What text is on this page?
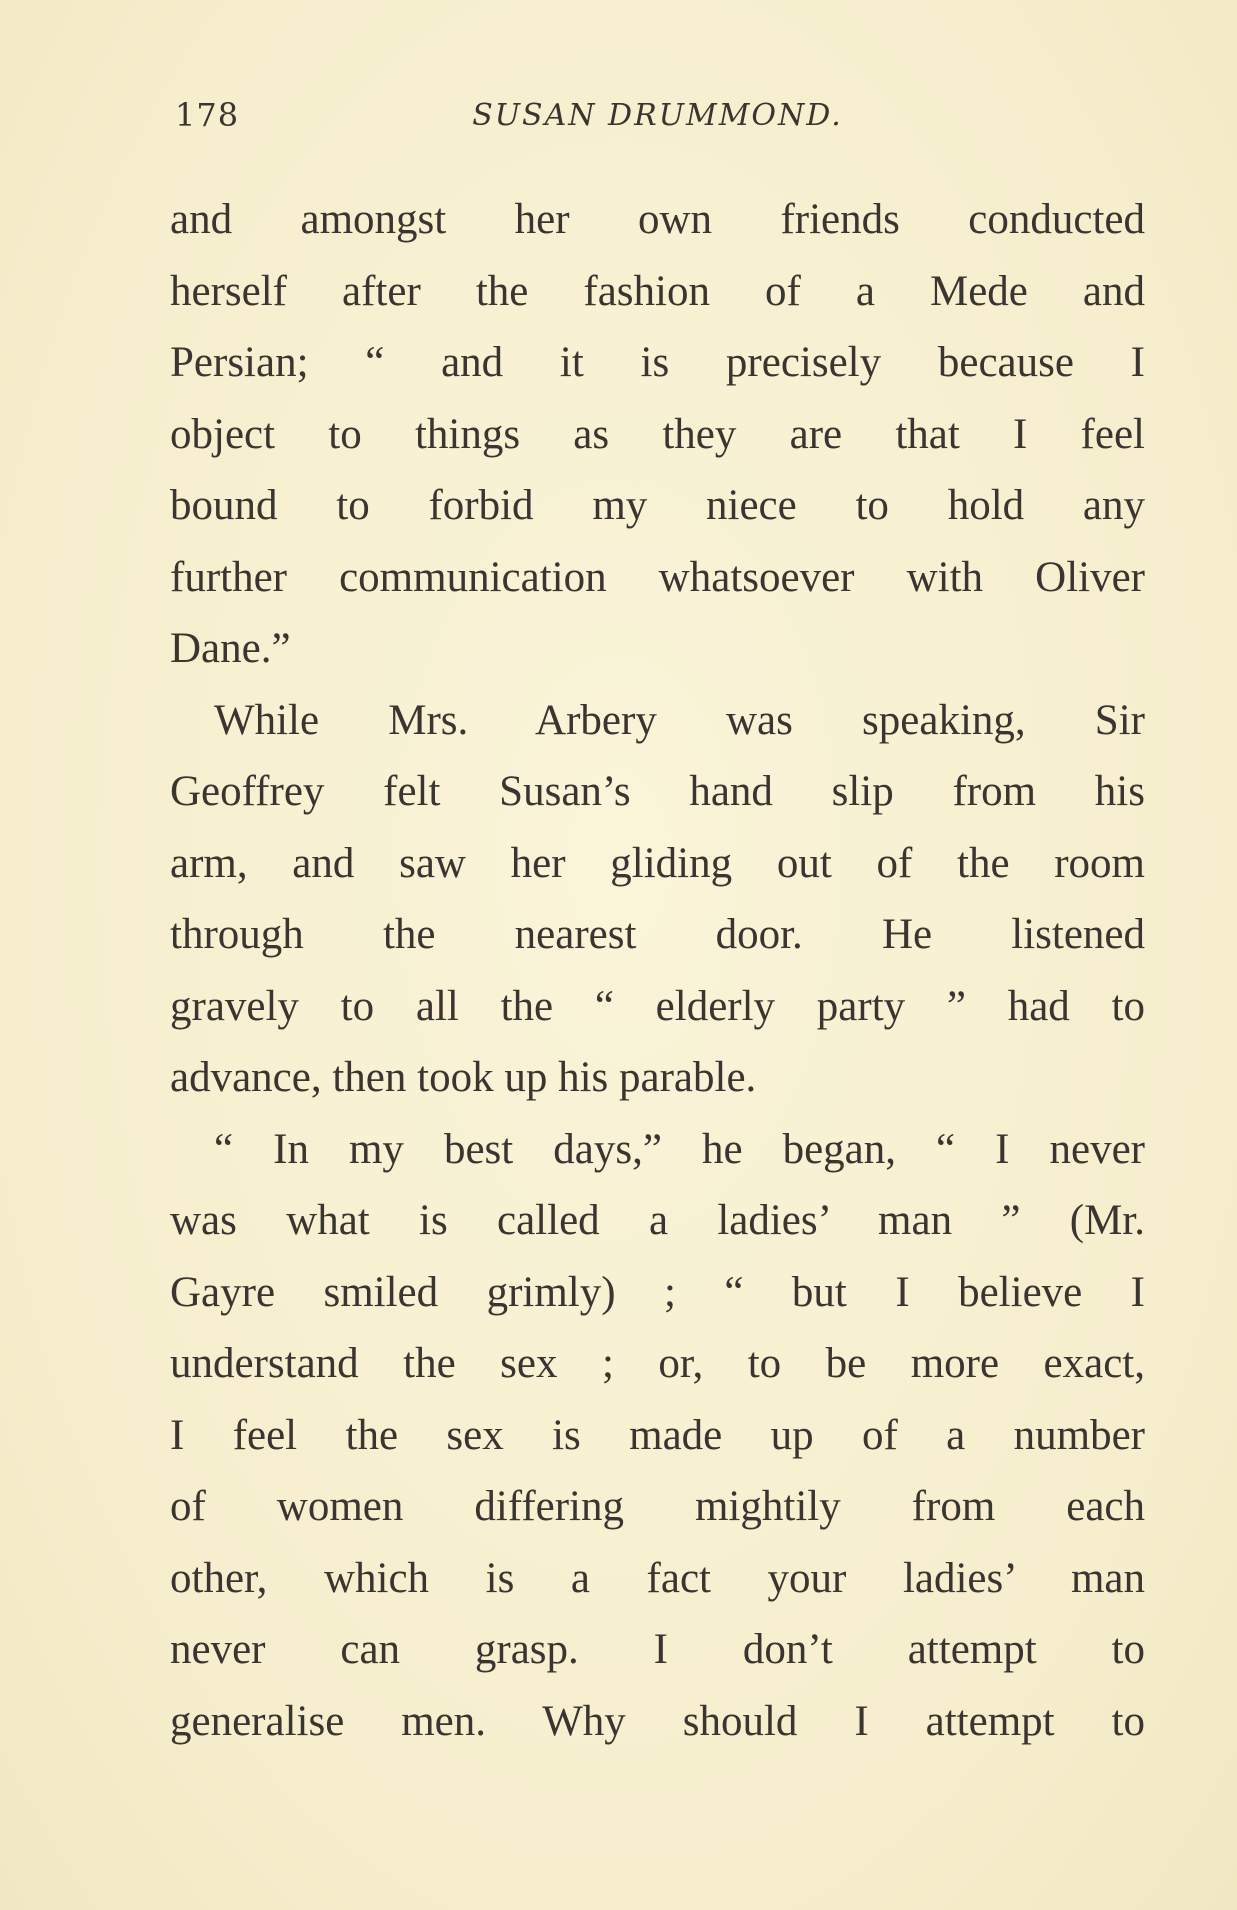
178	SUSAN DRUMMOND.
and amongst her own friends conducted
herself after the fashion of a Mede and
Persian; “ and it is precisely because I
object to things as they are that I feel
bound to forbid my niece to hold any
further communication whatsoever with Oliver
Dane.”
While Mrs. Arbery was speaking, Sir
Geoffrey felt Susan’s hand slip from his
arm, and saw her gliding out of the room
through the nearest door. He listened
gravely to all the “ elderly party ” had to
advance, then took up his parable.
“ In my best days,” he began, “ I never
was what is called a ladies’ man ” (Mr.
Gayre smiled grimly) ; “ but I believe I
understand the sex ; or, to be more exact,
I feel the sex is made up of a number
of women differing mightily from each
other, which is a fact your ladies’ man
never can grasp. I don’t attempt to
generalise men. Why should I attempt to
